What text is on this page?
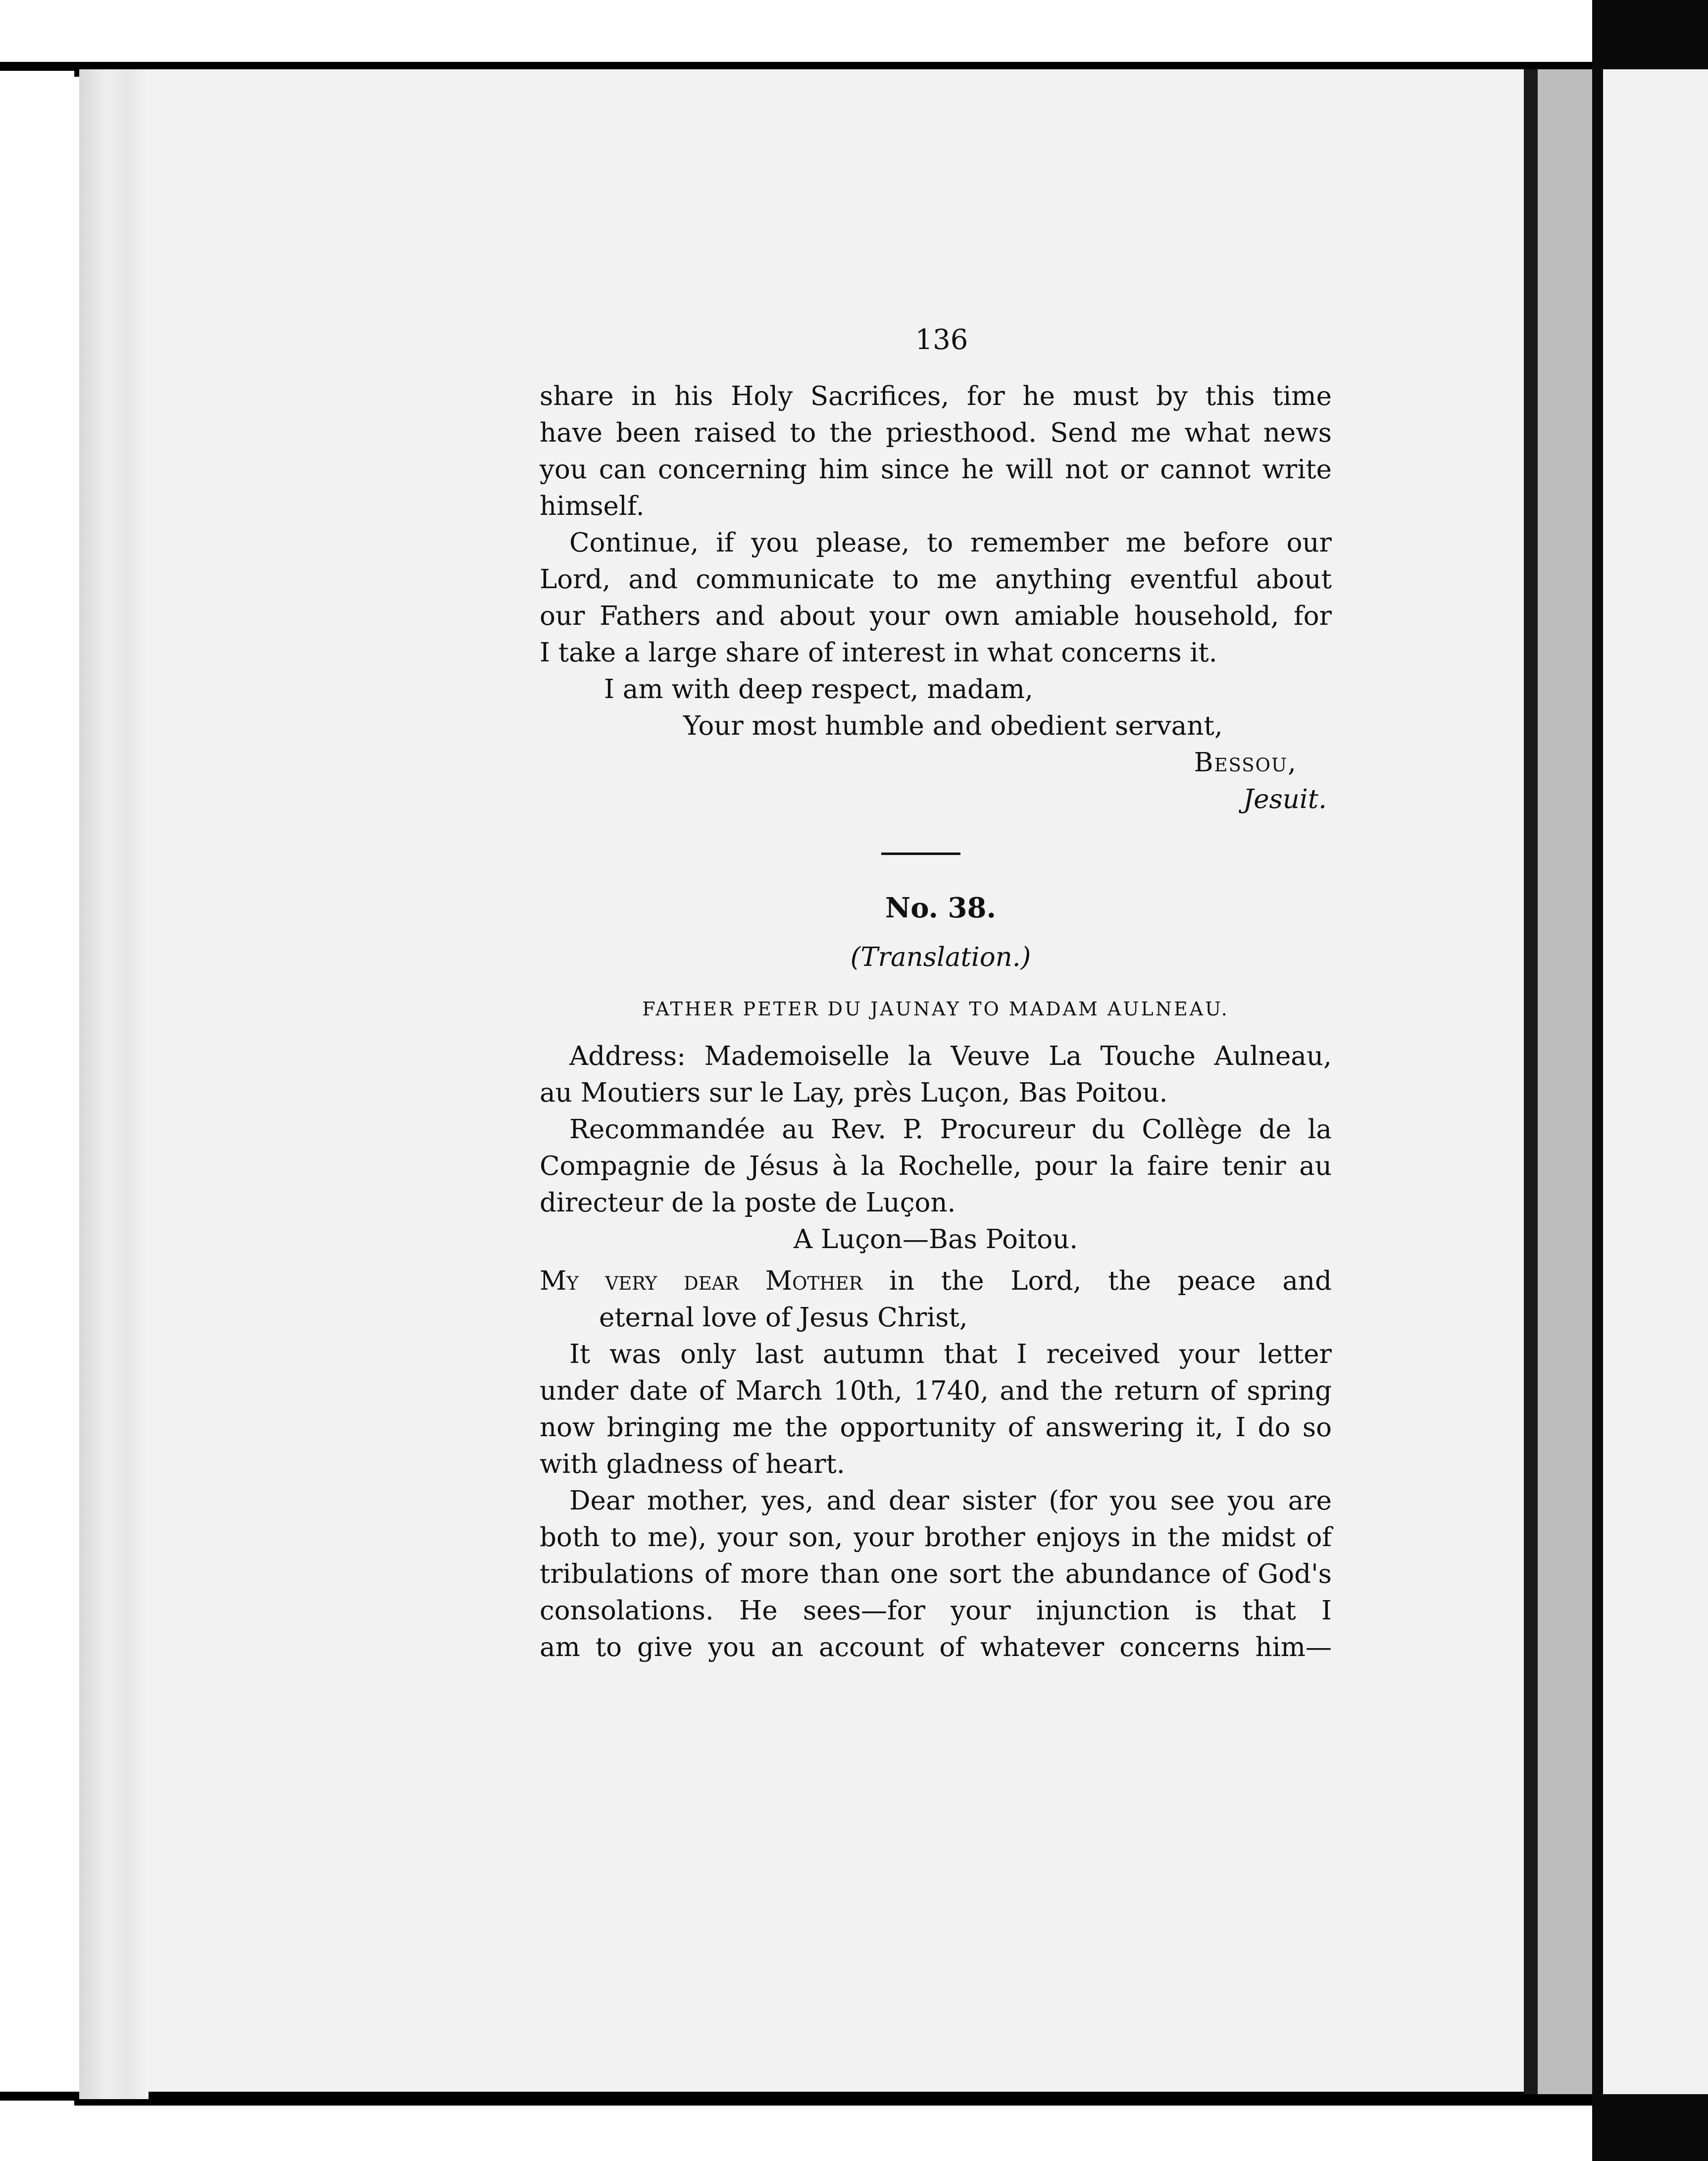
136
share in his Holy Sacrifices, for he must by this time
have been raised to the priesthood. Send me what news
you can concerning him since he will not or cannot write
himself.
Continue, if you please, to remember me before our
Lord, and communicate to me anything eventful about
our Fathers and about your own amiable household, for
I take a large share of interest in what concerns it.
I am with deep respect, madam,
Your most humble and obedient servant,
Bessou,
Jesuit.
No. 38.
(Translation.)
FATHER PETER DU JAUNAY TO MADAM AULNEAU.
Address: Mademoiselle la Veuve La Touche Aulneau,
au Moutiers sur le Lay, près Luçon, Bas Poitou.
Recommandée au Rev. P. Procureur du Collège de la
Compagnie de Jésus à la Rochelle, pour la faire tenir au
directeur de la poste de Luçon.
A Luçon—Bas Poitou.
My very dear Mother in the Lord, the peace and
eternal love of Jesus Christ,
It was only last autumn that I received your letter
under date of March 10th, 1740, and the return of spring
now bringing me the opportunity of answering it, I do so
with gladness of heart.
Dear mother, yes, and dear sister (for you see you are
both to me), your son, your brother enjoys in the midst of
tribulations of more than one sort the abundance of God's
consolations. He sees—for your injunction is that I
am to give you an account of whatever concerns him—
